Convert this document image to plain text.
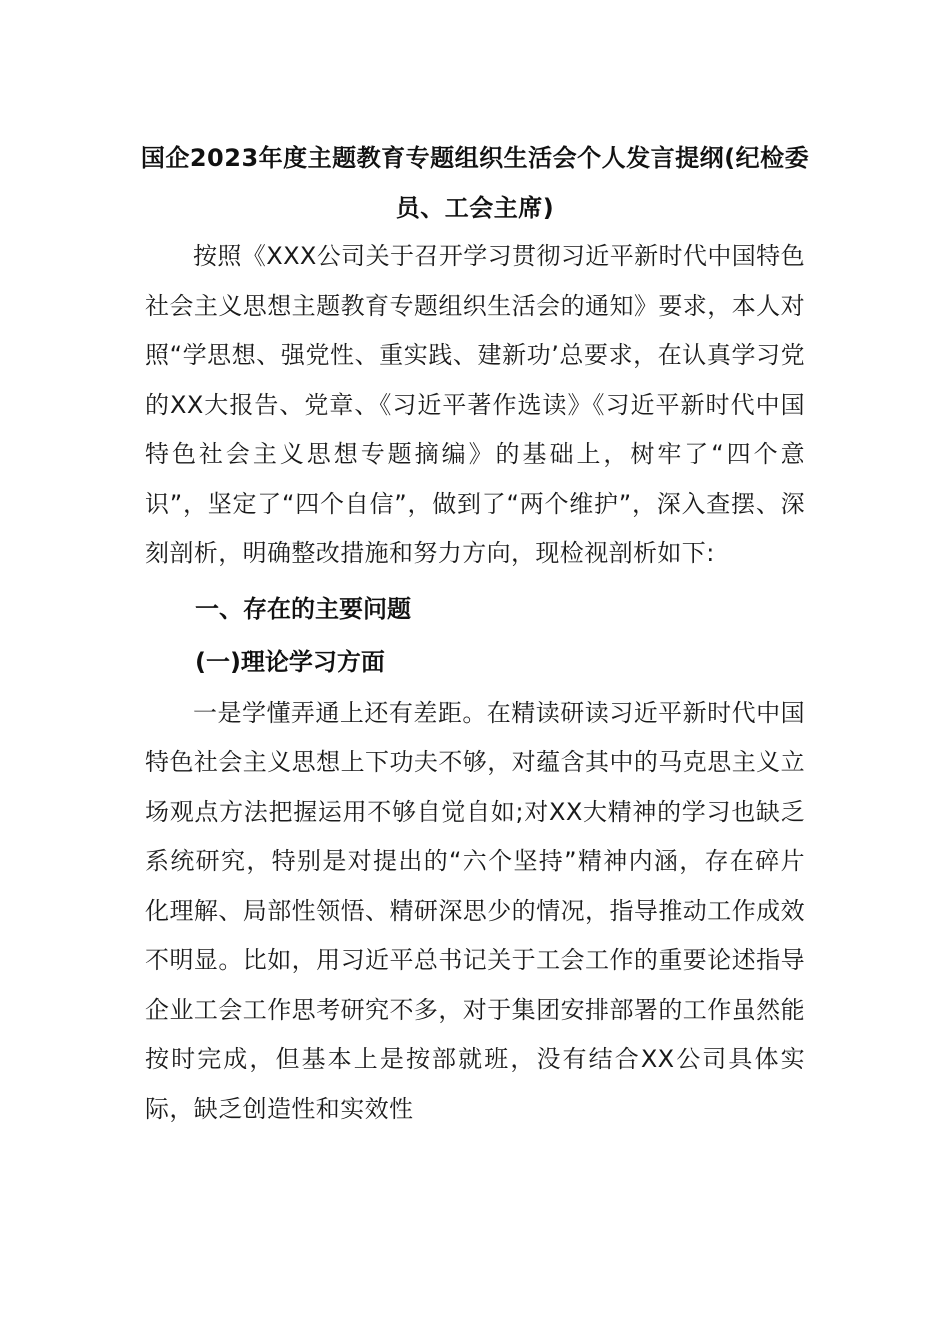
国企2023年度主题教育专题组织生活会个人发言提纲(纪检委员、工会主席)

按照《XXX公司关于召开学习贯彻习近平新时代中国特色社会主义思想主题教育专题组织生活会的通知》要求，本人对照“学思想、强党性、重实践、建新功’总要求，在认真学习党的XX大报告、党章、《习近平著作选读》《习近平新时代中国特色社会主义思想专题摘编》的基础上，树牢了“四个意识”，坚定了“四个自信”，做到了“两个维护”，深入查摆、深刻剖析，明确整改措施和努力方向，现检视剖析如下:

一、存在的主要问题
(一)理论学习方面

一是学懂弄通上还有差距。在精读研读习近平新时代中国特色社会主义思想上下功夫不够，对蕴含其中的马克思主义立场观点方法把握运用不够自觉自如;对XX大精神的学习也缺乏系统研究，特别是对提出的“六个坚持”精神内涵，存在碎片化理解、局部性领悟、精研深思少的情况，指导推动工作成效不明显。比如，用习近平总书记关于工会工作的重要论述指导企业工会工作思考研究不多，对于集团安排部署的工作虽然能按时完成，但基本上是按部就班，没有结合XX公司具体实际，缺乏创造性和实效性
